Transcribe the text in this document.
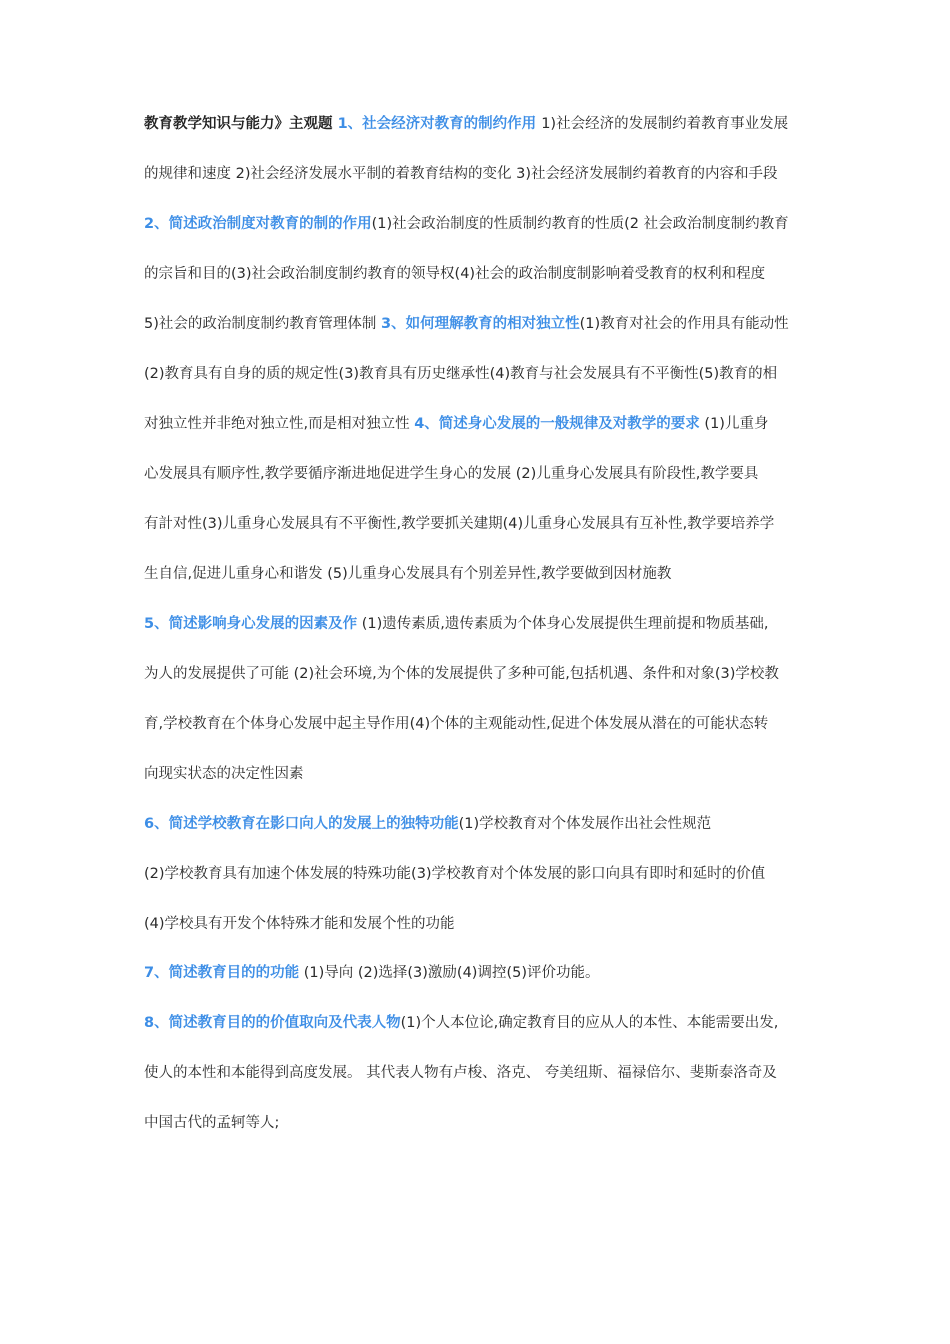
教育教学知识与能力》主观题 1、社会经济对教育的制约作用 1)社会经济的发展制约着教育事业发展
的规律和速度 2)社会经济发展水平制的着教育结构的变化 3)社会经济发展制约着教育的内容和手段
2、简述政治制度对教育的制的作用(1)社会政治制度的性质制约教育的性质(2 社会政治制度制约教育
的宗旨和目的(3)社会政治制度制约教育的领导权(4)社会的政治制度制影响着受教育的权利和程度
5)社会的政治制度制约教育管理体制 3、如何理解教育的相对独立性(1)教育对社会的作用具有能动性
(2)教育具有自身的质的规定性(3)教育具有历史继承性(4)教育与社会发展具有不平衡性(5)教育的相
对独立性并非绝对独立性,而是相对独立性 4、简述身心发展的一般规律及对教学的要求 (1)儿重身
心发展具有顺序性,教学要循序渐进地促进学生身心的发展 (2)儿重身心发展具有阶段性,教学要具
有計对性(3)儿重身心发展具有不平衡性,教学要抓关建期(4)儿重身心发展具有互补性,教学要培养学
生自信,促进儿重身心和谐发 (5)儿重身心发展具有个别差异性,教学要做到因材施教
5、简述影响身心发展的因素及作 (1)遗传素质,遗传素质为个体身心发展提供生理前提和物质基础,
为人的发展提供了可能 (2)社会环境,为个体的发展提供了多种可能,包括机遇、条件和对象(3)学校教
育,学校教育在个体身心发展中起主导作用(4)个体的主观能动性,促进个体发展从潜在的可能状态转
向现实状态的决定性因素
6、简述学校教育在影口向人的发展上的独特功能(1)学校教育对个体发展作出社会性规范
(2)学校教育具有加速个体发展的特殊功能(3)学校教育对个体发展的影口向具有即时和延时的价值
(4)学校具有开发个体特殊才能和发展个性的功能
7、简述教育目的的功能 (1)导向 (2)选择(3)激励(4)调控(5)评价功能。
8、简述教育目的的价值取向及代表人物(1)个人本位论,确定教育目的应从人的本性、本能需要出发,
使人的本性和本能得到高度发展。 其代表人物有卢梭、洛克、 夸美纽斯、福禄倍尔、斐斯泰洛奇及
中国古代的孟轲等人;
